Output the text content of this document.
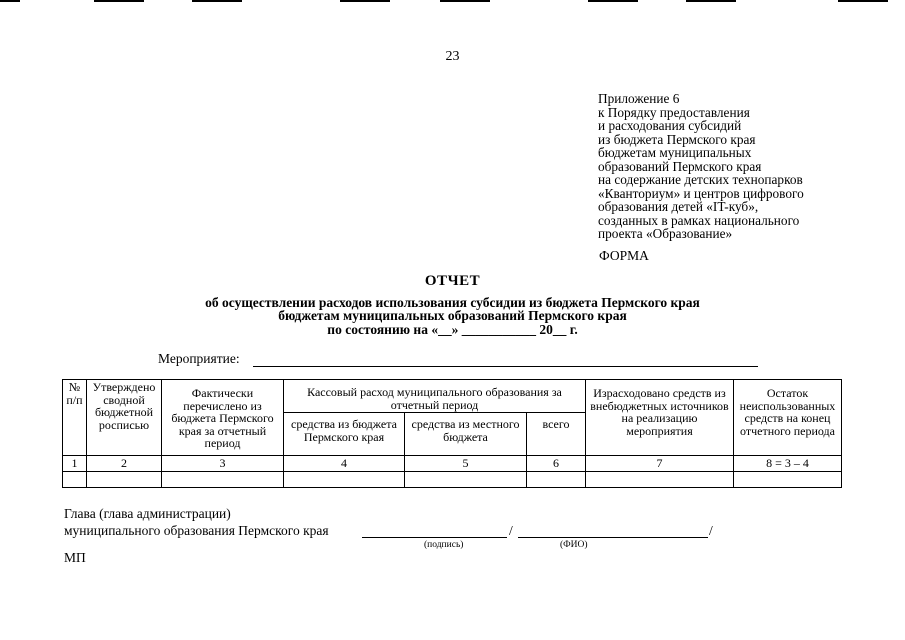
23
Приложение 6
к Порядку предоставления
и расходования субсидий
из бюджета Пермского края
бюджетам муниципальных
образований Пермского края
на содержание детских технопарков
«Кванториум» и центров цифрового
образования детей «IT-куб»,
созданных в рамках национального
проекта «Образование»
ФОРМА
ОТЧЕТ
об осуществлении расходов использования субсидии из бюджета Пермского края
бюджетам муниципальных образований Пермского края
по состоянию на «__» ___________ 20__ г.
Мероприятие:
№ п/п	Утверждено сводной бюджетной росписью	Фактически перечислено из бюджета Пермского края за отчетный период	Кассовый расход муниципального образования за отчетный период			Израсходовано средств из внебюджетных источников на реализацию мероприятия	Остаток неиспользованных средств на конец отчетного периода
			средства из бюджета Пермского края	средства из местного бюджета	всего		
1	2	3	4	5	6	7	8 = 3 – 4

Глава (глава администрации)
муниципального образования Пермского края	/	/
(подпись)	(ФИО)
МП
